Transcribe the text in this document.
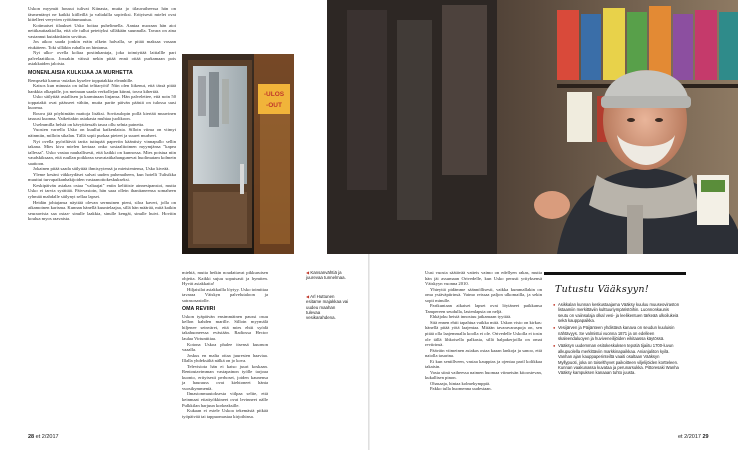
Uskon myymät housut tulivat Kiinasta, mutta jo tilauvaiheessa hän on täsmentänyt ne kaikki kiilleillä ja valtakilla sopiviksi. Erityisesti mielet ovat kiitelleet veeyvien ryöttämmautua.

Kotimaiset tilaukset Usko hoitaa puhelimella. Aaniaa nuoraan hän aioi nettikauttaakiollia, että ole tullut petettyksi silläkään suunnalla. Tavara on aina vastannut kutakinkinin sovittua.

Jos aikoo saada jonkin eräin olkein halvalla, se pitää maksaa vasaan etukäteen. Toki silläkin ruhalla on hintansa.

Nyt ulko- ovella koliaa postinkantaja, joka toimiyttää laitiallle pari palvelaattikoa. Jossakin väissä nekin pitää ennä ottää purkamaan pois asiakkaiden jaloista.

MONENLAISIA KULKIJAA JA MURHETTA

Rempsekä karma -asiakas kyselee toppatakkia eleanhille.

Katsos kun minusta on tullut telttaryöti! Niin olen liikenut, että tässä pitää hankkia olkapidle, jos meinaan saada verkollejan kiinni, tosva kihertää.

Usko säilyttää asiallisen ja karminaan linjansa. Hän palvelettee, että noin 50 toppatakit ovat päässeet vähiin, mutta parite päivän päästä on tulossa uusi kuorma.

Rouva jää pöyhimään mattoja lisäksi. Sovitaulopin pollä kiertää muuvinen tasuusi kuonna. Vaikettakin asiakasta muhtaa juolikoon.

Uselmmilla helsiä on kävyttäessäh tasoa ollu selnia painetta.

Vuosien varrella Usko on kuullut kaikenlaista. Silloin viima on viimyt näinmiin, milloin sikalan. Tällä sopii purkaa pieteet ja suuret murheet.

Nyt ovella pyöriltäviä tarita tuttupää papeviin kääntisiy vinnapullo sellin takana. Mies kiva mielen kertaaz onko sosiaalitoimen myymjänsa "kapea tallessa". Usko vastaa nauhallisesti, että kaikki on kunnossa. Mies poistua niin vaudskiksaan, että ruullan poikkeaa seuvatattkahangunevat huolimatam kolmein saattoon.

Jokainen pitää saada säilyttää ihmisyytensä ja mietsientensa, Usko kiveää.

Yleme kesäni väkkeydäset salvat uuden puhenaiheen, kun hotelli Tulisikka muuttui turvapaikanhakijoiden vastaanottokeskukseksi.

Keskipäivän asiakas ostaa "valtaajat" eniin keltitiste ainnesipanstoi, mutta Usko ei tarvia syrättää. Päivvastoin, hän saaa ollein ihanitaneensa somaheen ryhmää mahdalle säilynyt sellaa lapset.

Heidän johtajansa näyttää olevan sermuinen pieni, siloa kaveri, jolla on aikamoinen karisma. Kunnan hänellä kuuntelaajaa, sillä hän määrää, mitä kaikin seuraavista saa ostaa- sinulle laakkia, sinulle kengät, sinulle huivi. Hovitin koulua myos raavaista.

-ULOS
-OUT

miehiä, mutta heikin noudattavat pikkuruisen ohjeita. Kaikki sujuu sopuisasti ja hymiten. Hyvät asiakkaita!

Hiljaisilat asiakkailla löytyy. Usko toimittaa tavaraa Väiskyn palvelutaloon ja satrasosastolle.

OMA REVIIRI

Uskon tyäpäivän ensimmäinen paussi osuu kellon kahden marille. Silloin myymälä hiljenee seinväret, että mies ehtii syödä takahuoneessa evästään. Radiossa Hector laulaa Virtuntitiaa.

Kotona Uskoa phalee itsensä kuurnon vaaalla.

Joskus en malta ottaa juuresten haaviaa. Illalla yhdeksältä nälkä on jo kova.

Televisiota hän ei katso juuri koskaan. Rentoutavimman vastapainon työlle tarjoaa kuonto, erityisesti perhoset, joiden kaunensa ja haurauss ovat kiehtoneet hänta vuosikymmeniä.

Ilmastonmuutoksesta viilpaa selite, että keinmaat etiattyökkineet ovat levinneet nälle Pulkkilan harjuun korkeaksille.

Kukaan ei estele Uskoa tekemästä pitkää työpäivää tai tappuomastaa kirjoihinsa.

◀ Kansanvähtiä ja juurevaa tunnelmaa.
◀ Arl Huttunen esitame majakkaa vai uudeu maahan tulevaa vesikarahdena.

Uusi vuosta säätävää vatteis vaimo on edellyen rakas, mutta hän jäi assumaan Orivedelle, kun Usko perusti yrityksensä Väiskyyn vuonna 2010.

Yhteyttä pidämme säännöllisesti, vaikka kummallakin on oma ystäväpiirinsä. Vaimo reissaa paljon ulkomailla, ja sekin sopii minulle.

Parikuntaan aikaiset lapset ovat löytäneet paikkansa Tampereen seudulla, lastenlapsia on neljä.

Ehkäjoku heistä innostuu jatkamaan tyytiää.

Sitä ennen ehtii tapahtua vaikka mitä. Uskon visio on kirkas: hänellä pitää yötä laajentaa. Mitään tavaravaraspoja on, sen pitää olla laajemmalla koolla ei ole. Orivedelle Uskolla ei tosin ole tällä lihkoisella palkasta, sillä halpakerjoilla on omat reviirinsä.

Pääväin viimeinen asiakas ostaa kaaan lankoja ja sanoo, että naiolla tasarina.

Ei kun sentillveen, vastaa kauppias ja ojentaa paril kolikkaa takaisin.

Vasta siinä vaiheessa naimen huomaa viimeisän kitoostevan, kukallisen pinon.

Ohasaaja, hintaa kolmekymppiä.

Pakko tulla huomenna uudestaan.

Tutustu Vääksyyn!
● Asikkalan kunnan keskustaajama Vääksy kuuluu muuseoviraston listaamiin merkittäviin kulttuuriympäristöihin. Luonnonkaunis seutu on vaiinsalaja olkal vesi- ja leelikentuen tärkeää ulkoilukeiä sekä kauppapaikka.
● Vesijärven ja Päijänteen yhdistävä kanava on seudun kuuluisin nähtävyys. Se valmistui vuonna 1871 ja on edelleen skaleendaluoyen ja huviveneilijöiden eikitaassa käytössä.
● Vääksyn uudemman esitokeskuksen tepotiä tijaiitu 1700-luvun alkupuolella merkittäviin markkinapaikkaa. Anianjaliton kyilä. Vanhan ajan kauppaperinteiltä vaaiti osaltaan Vääksyn Myllypuoti, joka on toiselthyvet paikoitteen viljelijöiden kortteleen. Kunnan vaakunassa kuvataa ja perunarsukka. Pittoresaki Wanha Vääksy kampuksen kanaaan tuhto juusta.
28 et 2/2017	et 2/2017 29
